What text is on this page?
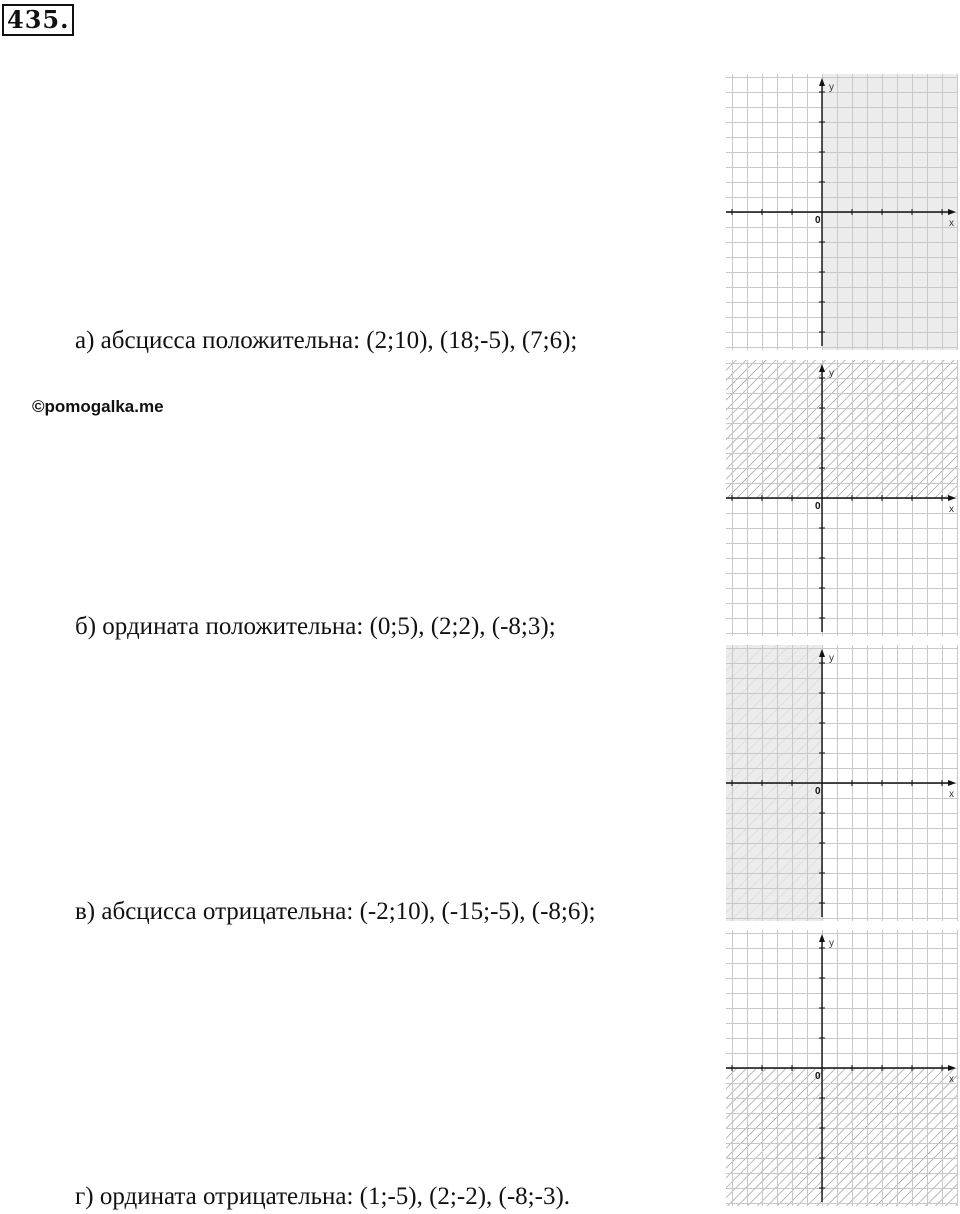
435.
©pomogalka.me
а) абсцисса положительна: (2;10), (18;-5), (7;6);
б) ордината положительна: (0;5), (2;2), (-8;3);
в) абсцисса отрицательна: (-2;10), (-15;-5), (-8;6);
г) ордината отрицательна: (1;-5), (2;-2), (-8;-3).
x
y
0
x
y
0
x
y
0
x
y
0
